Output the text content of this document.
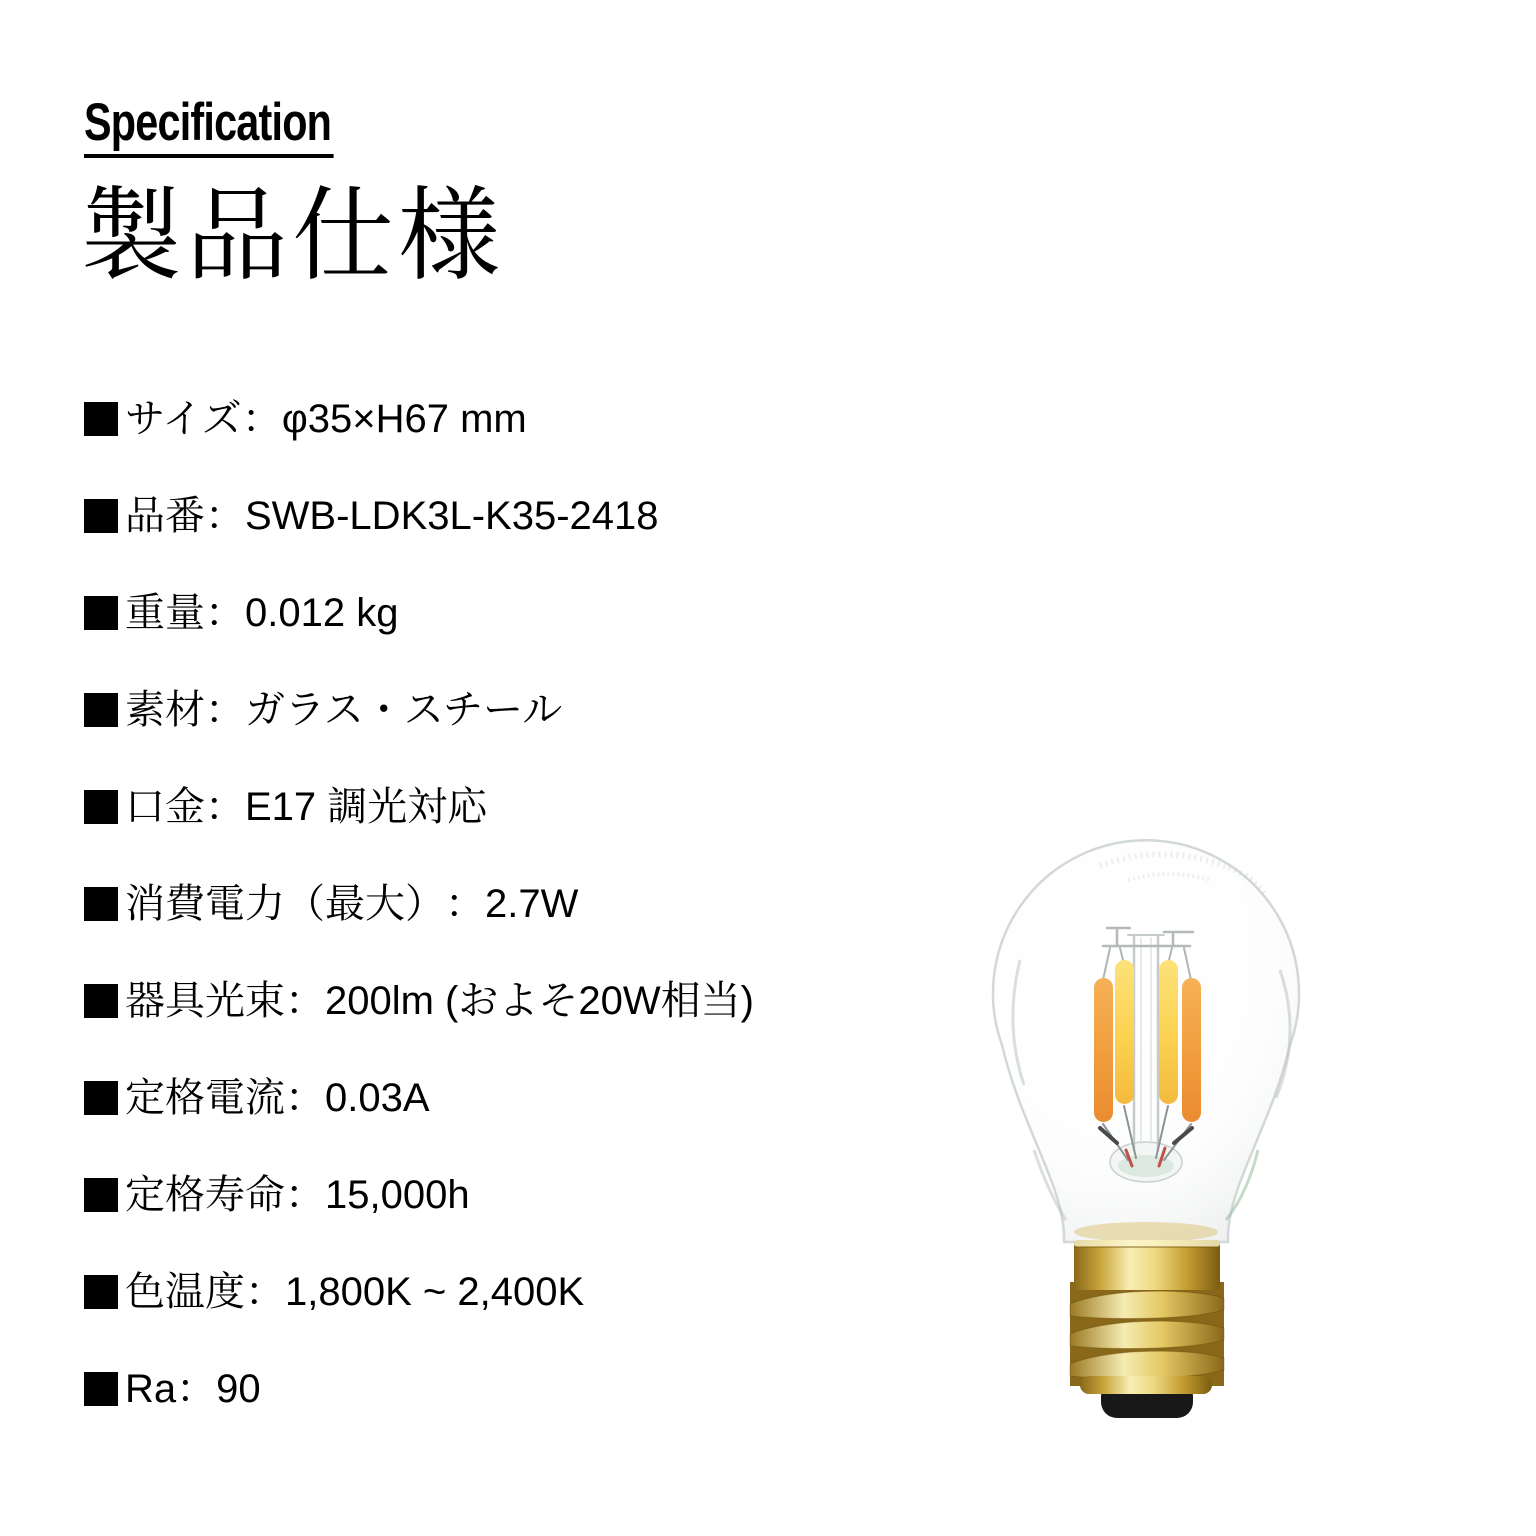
Specification
製品仕様
サイズ ： φ35×H67 mm
品番 ： SWB-LDK3L-K35-2418
重量 ： 0.012 kg
素材 ： ガラス・スチール
口金 ： E17 調光対応
消費電力（最大） ： 2.7W
器具光束 ： 200lm (およそ20W相当)
定格電流 ： 0.03A
定格寿命 ： 15,000h
色温度 ： 1,800K ~ 2,400K
Ra ： 90
